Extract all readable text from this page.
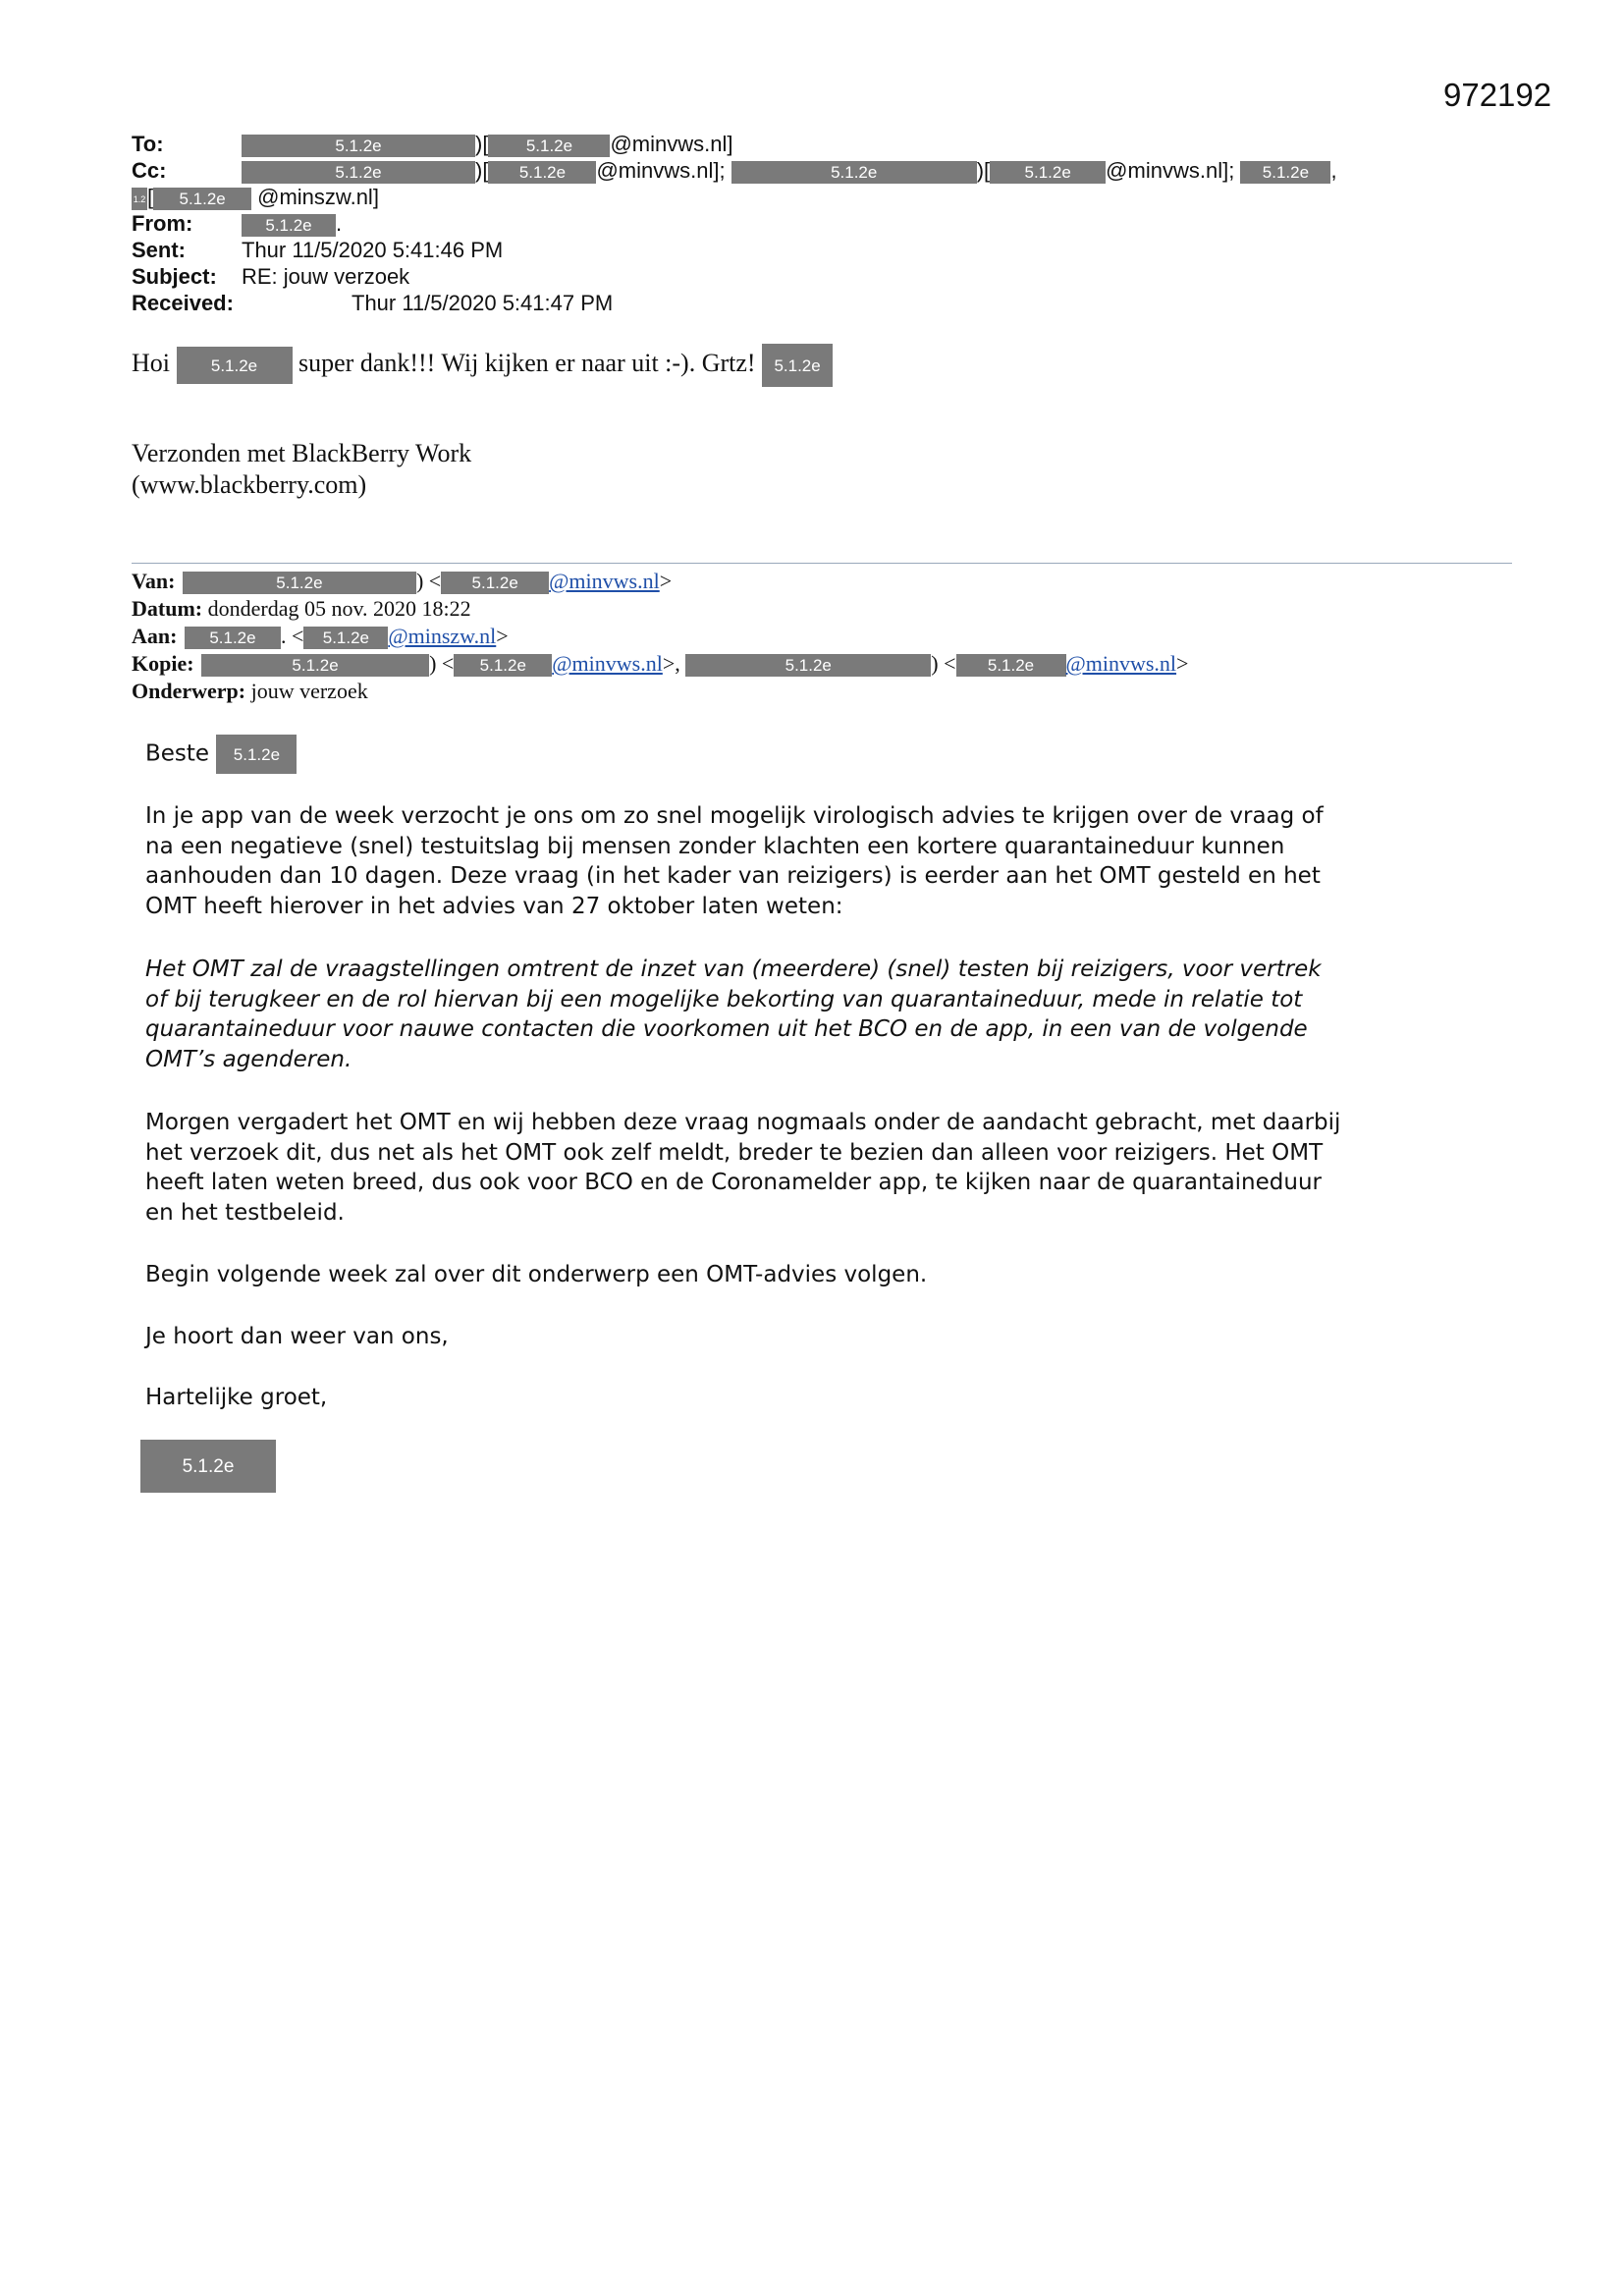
972192
To:	5.1.2e	)[ 5.1.2e @minvws.nl]
Cc:	5.1.2e	)[ 5.1.2e @minvws.nl];	5.1.2e	)[ 5.1.2e @minvws.nl]; 5.1.2e ,
1.2[ 5.1.2e @minszw.nl]
From:	5.1.2e .
Sent:	Thur 11/5/2020 5:41:46 PM
Subject: RE: jouw verzoek
Received:	Thur 11/5/2020 5:41:47 PM
Hoi 5.1.2e super dank!!! Wij kijken er naar uit :-). Grtz! 5.1.2e
Verzonden met BlackBerry Work
(www.blackberry.com)
Van:	5.1.2e	) < 5.1.2e @minvws.nl>
Datum: donderdag 05 nov. 2020 18:22
Aan: 5.1.2e . < 5.1.2e @minszw.nl>
Kopie:	5.1.2e	) < 5.1.2e @minvws.nl>,	5.1.2e	) < 5.1.2e @minvws.nl>
Onderwerp: jouw verzoek
Beste 5.1.2e
In je app van de week verzocht je ons om zo snel mogelijk virologisch advies te krijgen over de vraag of
na een negatieve (snel) testuitslag bij mensen zonder klachten een kortere quarantaineduur kunnen
aanhouden dan 10 dagen. Deze vraag (in het kader van reizigers) is eerder aan het OMT gesteld en het
OMT heeft hierover in het advies van 27 oktober laten weten:
Het OMT zal de vraagstellingen omtrent de inzet van (meerdere) (snel) testen bij reizigers, voor vertrek
of bij terugkeer en de rol hiervan bij een mogelijke bekorting van quarantaineduur, mede in relatie tot
quarantaineduur voor nauwe contacten die voorkomen uit het BCO en de app, in een van de volgende
OMT’s agenderen.
Morgen vergadert het OMT en wij hebben deze vraag nogmaals onder de aandacht gebracht, met daarbij
het verzoek dit, dus net als het OMT ook zelf meldt, breder te bezien dan alleen voor reizigers. Het OMT
heeft laten weten breed, dus ook voor BCO en de Coronamelder app, te kijken naar de quarantaineduur
en het testbeleid.
Begin volgende week zal over dit onderwerp een OMT-advies volgen.
Je hoort dan weer van ons,
Hartelijke groet,
5.1.2e
